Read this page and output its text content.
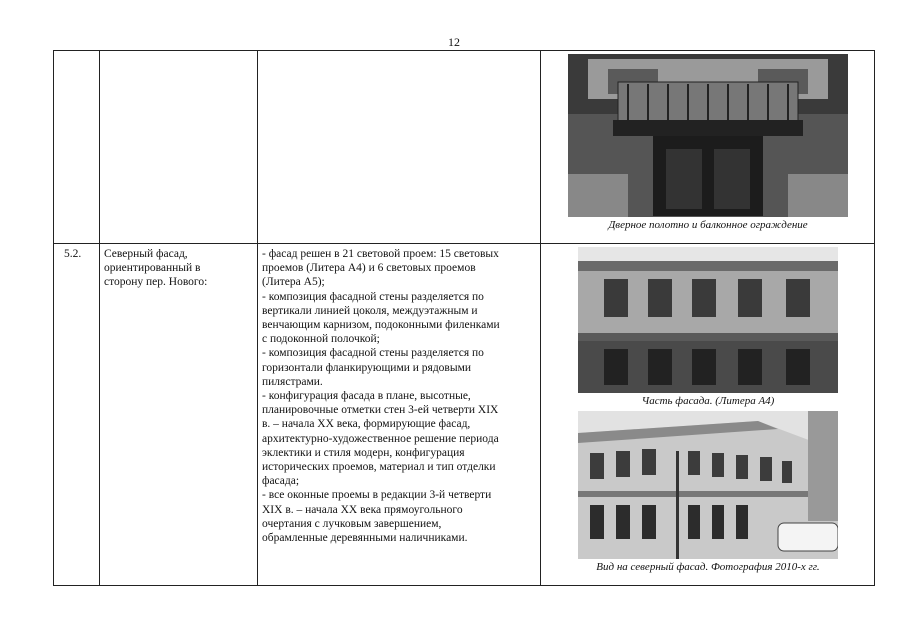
12
Дверное полотно и балконное ограждение
5.2. Северный фасад,
ориентированный в
сторону пер. Нового:
- фасад решен в 21 световой проем: 15 световых
проемов (Литера А4) и 6 световых проемов
(Литера А5);
- композиция фасадной стены разделяется по
вертикали линией цоколя, междуэтажным и
венчающим карнизом, подоконными филенками
с подоконной полочкой;
- композиция фасадной стены разделяется по
горизонтали фланкирующими и рядовыми
пилястрами.
- конфигурация фасада в плане, высотные,
планировочные отметки стен 3-ей четверти XIX
в. – начала XX века, формирующие фасад,
архитектурно-художественное решение периода
эклектики и стиля модерн, конфигурация
исторических проемов, материал и тип отделки
фасада;
- все оконные проемы в редакции 3-й четверти
XIX в. – начала XX века прямоугольного
очертания с лучковым завершением,
обрамленные деревянными наличниками.
Часть фасада. (Литера А4)
Вид на северный фасад. Фотография 2010-х гг.
